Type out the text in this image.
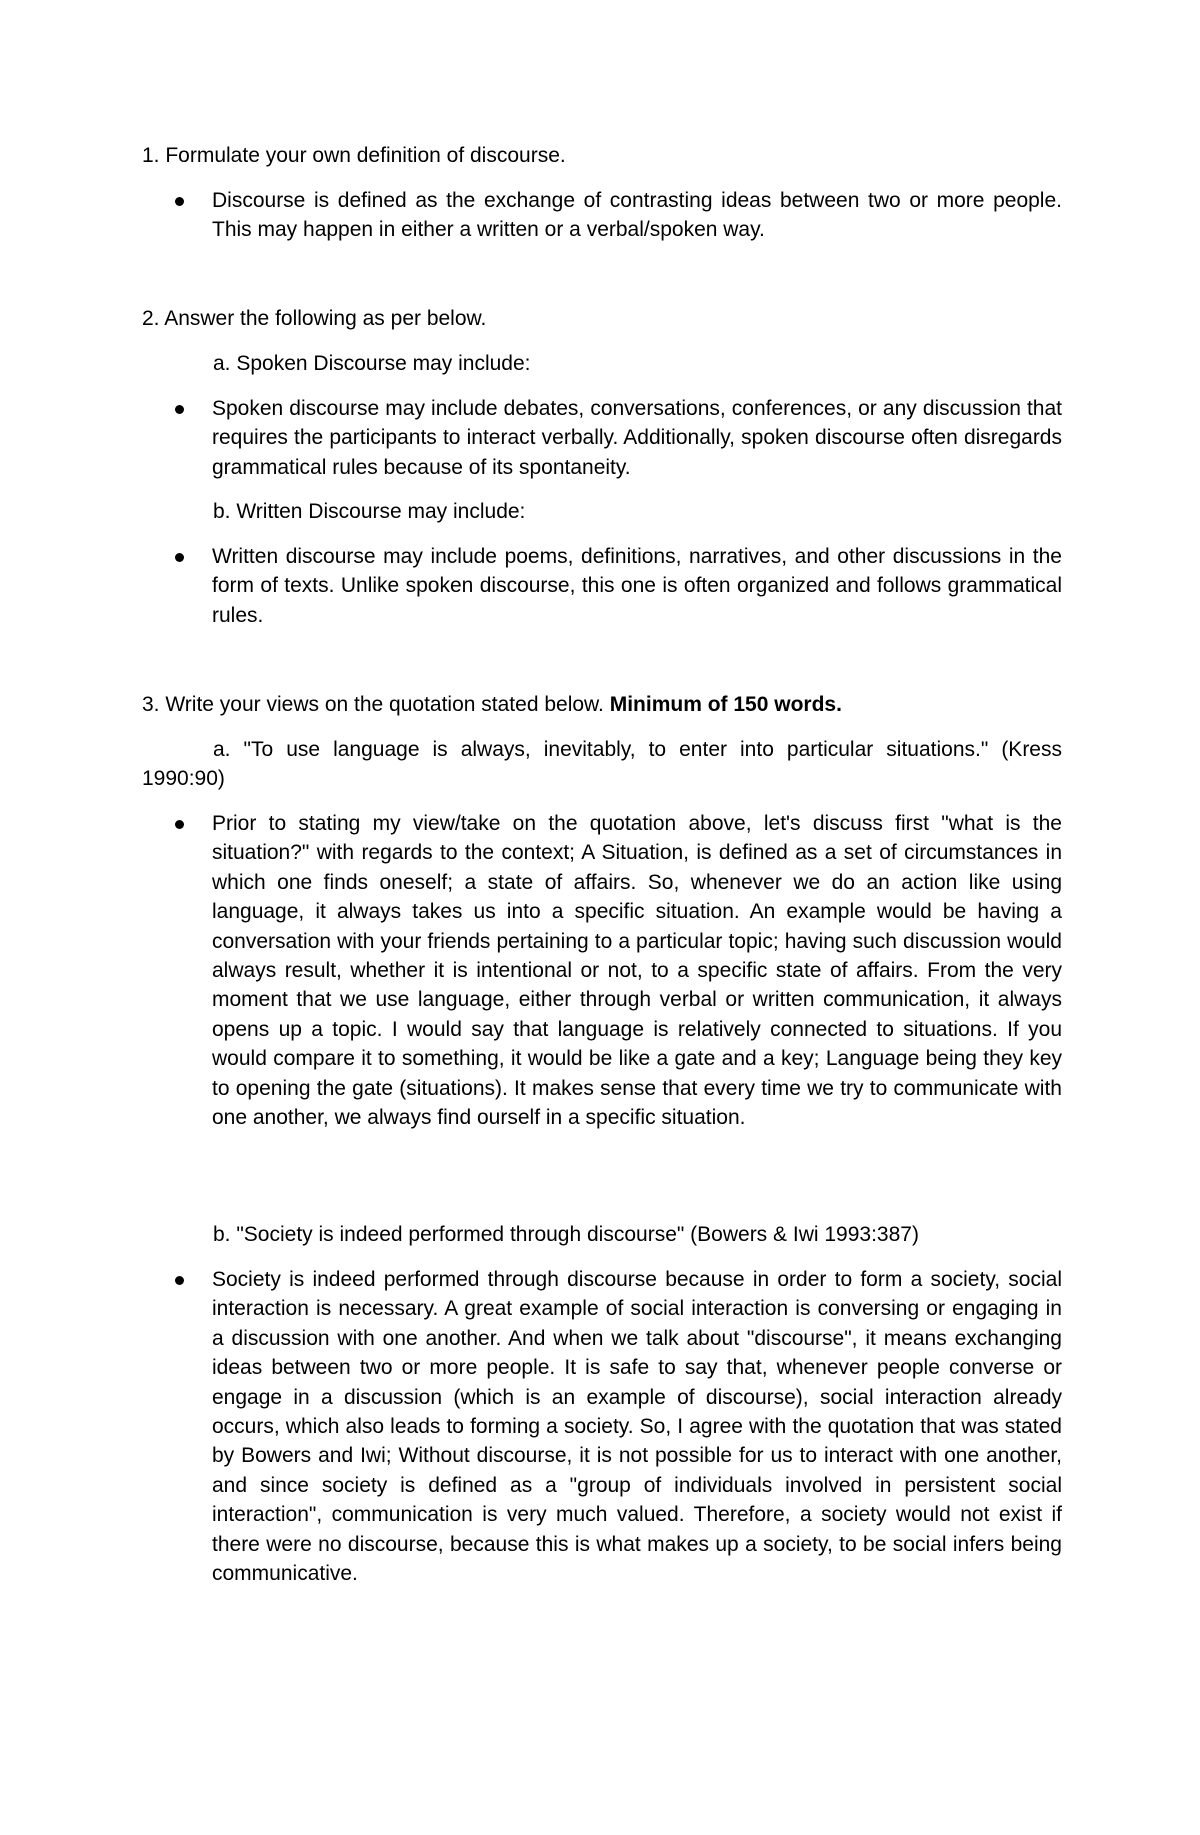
1. Formulate your own definition of discourse.

Discourse is defined as the exchange of contrasting ideas between two or more people. This may happen in either a written or a verbal/spoken way.

2. Answer the following as per below.

a. Spoken Discourse may include:

Spoken discourse may include debates, conversations, conferences, or any discussion that requires the participants to interact verbally. Additionally, spoken discourse often disregards grammatical rules because of its spontaneity.

b. Written Discourse may include:

Written discourse may include poems, definitions, narratives, and other discussions in the form of texts. Unlike spoken discourse, this one is often organized and follows grammatical rules.

3. Write your views on the quotation stated below. Minimum of 150 words.

a. "To use language is always, inevitably, to enter into particular situations." (Kress 1990:90)

Prior to stating my view/take on the quotation above, let's discuss first "what is the situation?" with regards to the context; A Situation, is defined as a set of circumstances in which one finds oneself; a state of affairs. So, whenever we do an action like using language, it always takes us into a specific situation. An example would be having a conversation with your friends pertaining to a particular topic; having such discussion would always result, whether it is intentional or not, to a specific state of affairs. From the very moment that we use language, either through verbal or written communication, it always opens up a topic. I would say that language is relatively connected to situations. If you would compare it to something, it would be like a gate and a key; Language being they key to opening the gate (situations). It makes sense that every time we try to communicate with one another, we always find ourself in a specific situation.

b. "Society is indeed performed through discourse" (Bowers & Iwi 1993:387)

Society is indeed performed through discourse because in order to form a society, social interaction is necessary. A great example of social interaction is conversing or engaging in a discussion with one another. And when we talk about "discourse", it means exchanging ideas between two or more people. It is safe to say that, whenever people converse or engage in a discussion (which is an example of discourse), social interaction already occurs, which also leads to forming a society. So, I agree with the quotation that was stated by Bowers and Iwi; Without discourse, it is not possible for us to interact with one another, and since society is defined as a "group of individuals involved in persistent social interaction", communication is very much valued. Therefore, a society would not exist if there were no discourse, because this is what makes up a society, to be social infers being communicative.
